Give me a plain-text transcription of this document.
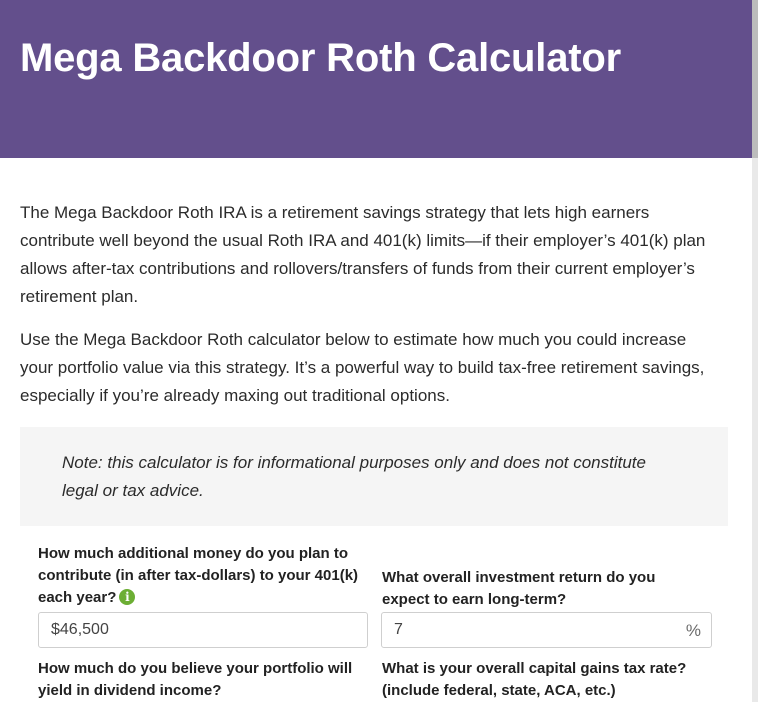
Mega Backdoor Roth Calculator

The Mega Backdoor Roth IRA is a retirement savings strategy that lets high earners contribute well beyond the usual Roth IRA and 401(k) limits—if their employer’s 401(k) plan allows after-tax contributions and rollovers/transfers of funds from their current employer’s retirement plan.

Use the Mega Backdoor Roth calculator below to estimate how much you could increase your portfolio value via this strategy. It’s a powerful way to build tax-free retirement savings, especially if you’re already maxing out traditional options.

Note: this calculator is for informational purposes only and does not constitute legal or tax advice.

How much additional money do you plan to contribute (in after tax-dollars) to your 401(k) each year? i
What overall investment return do you expect to earn long-term?
$46,500
7
%
How much do you believe your portfolio will yield in dividend income?
What is your overall capital gains tax rate? (include federal, state, ACA, etc.)
